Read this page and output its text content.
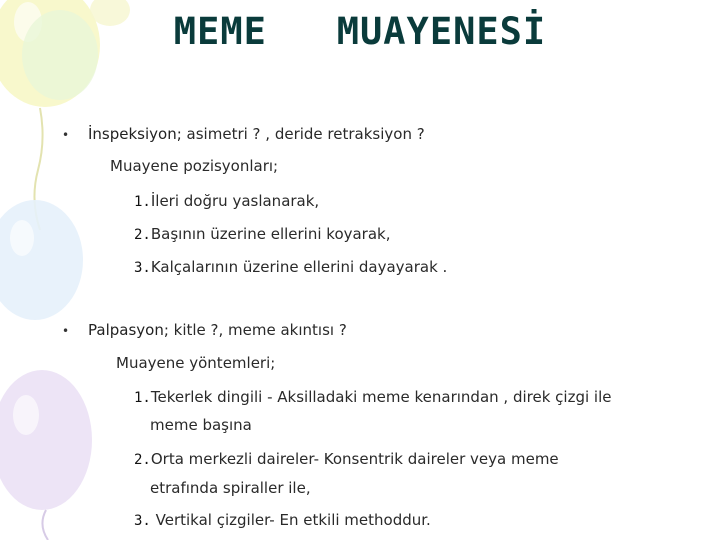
MEME   MUAYENESİ
• İnspeksiyon; asimetri ? , deride retraksiyon ?
Muayene pozisyonları;
1.İleri doğru yaslanarak,
2.Başının üzerine ellerini koyarak,
3.Kalçalarının üzerine ellerini dayayarak .
• Palpasyon; kitle ?, meme akıntısı ?
Muayene yöntemleri;
1.Tekerlek dingili - Aksilladaki meme kenarından , direk çizgi ile
meme başına
2.Orta merkezli daireler- Konsentrik daireler veya meme
etrafında spiraller ile,
3. Vertikal çizgiler- En etkili methoddur.
